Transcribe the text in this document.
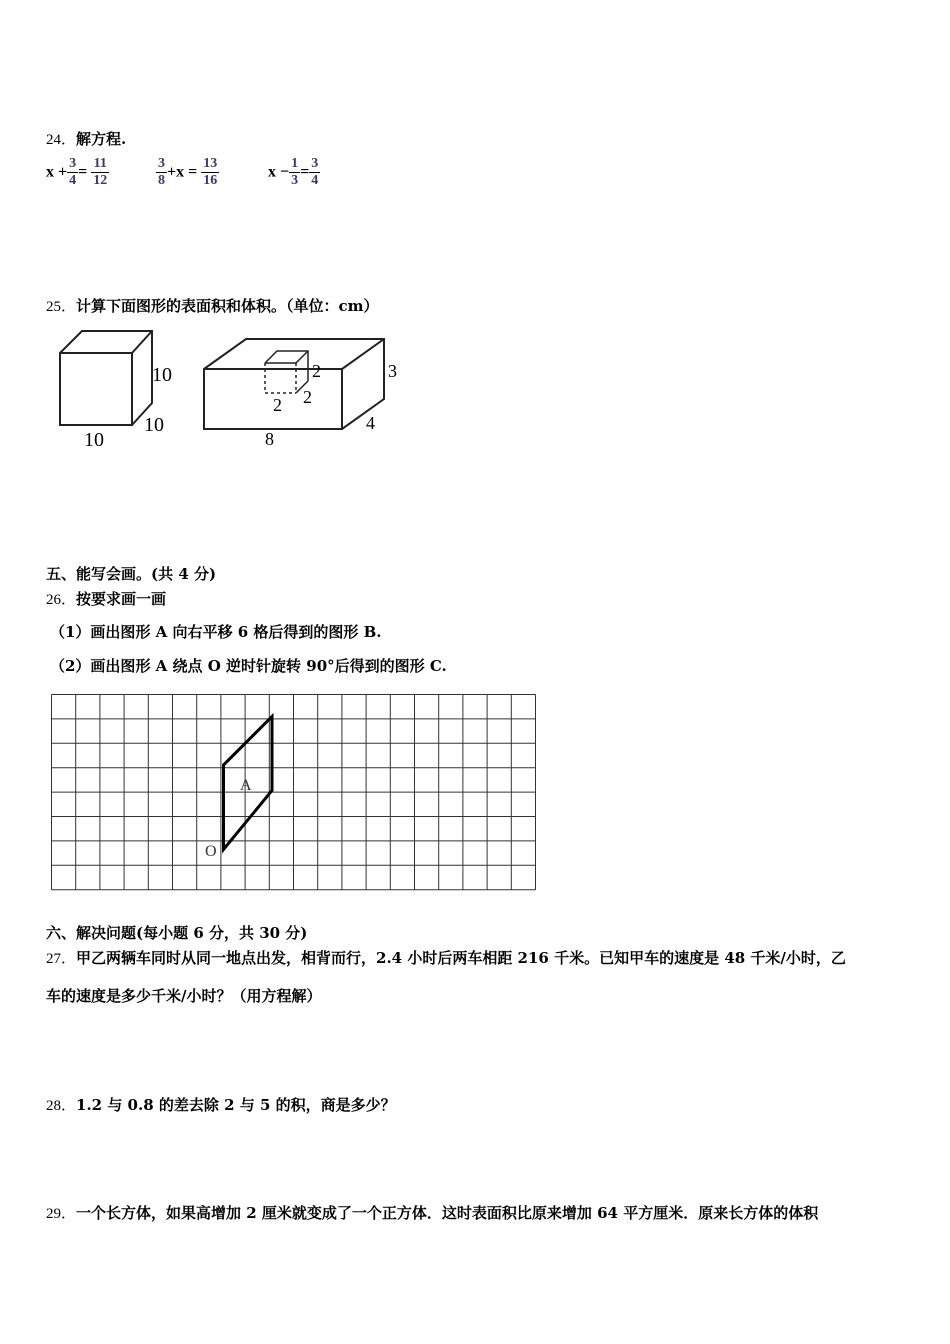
24．解方程.
$x + \frac{3}{4} = \frac{11}{12}$	$\frac{3}{8} +x = \frac{13}{16}$	$x - \frac{1}{3} = \frac{3}{4}$
25．计算下面图形的表面积和体积。（单位：cm）
10
10
10
2
2 2
3
8
4
五、能写会画。(共 4 分)
26．按要求画一画
（1）画出图形 A 向右平移 6 格后得到的图形 B.
（2）画出图形 A 绕点 O 逆时针旋转 90°后得到的图形 C.
A
O
六、解决问题(每小题 6 分，共 30 分)
27．甲乙两辆车同时从同一地点出发，相背而行，2.4 小时后两车相距 216 千米。已知甲车的速度是 48 千米/小时，乙
车的速度是多少千米/小时？（用方程解）
28．1.2 与 0.8 的差去除 2 与 5 的积，商是多少？
29．一个长方体，如果高增加 2 厘米就变成了一个正方体．这时表面积比原来增加 64 平方厘米．原来长方体的体积
